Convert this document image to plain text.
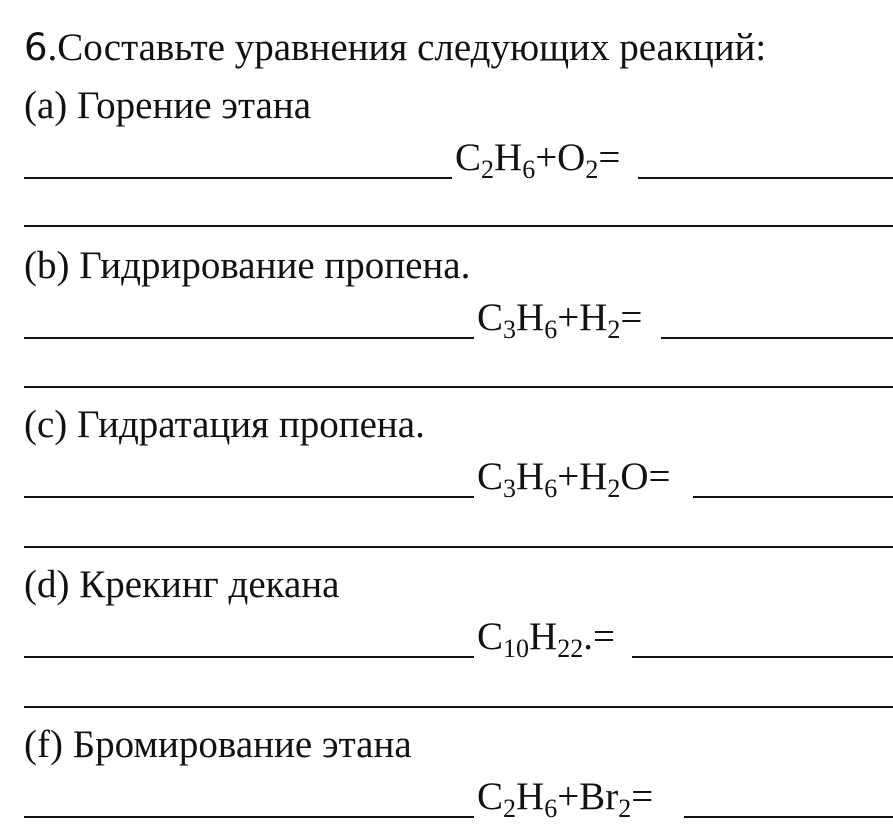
6.Составьте уравнения следующих реакций:
(a) Горение этана
$C_2H_6+O_2=$
(b) Гидрирование пропена.
$C_3H_6+H_2=$
(c) Гидратация пропена.
$C_3H_6+H_2O=$
(d) Крекинг декана
$C_{10}H_{22}.=$
(f) Бромирование этана
$C_2H_6+Br_2=$
